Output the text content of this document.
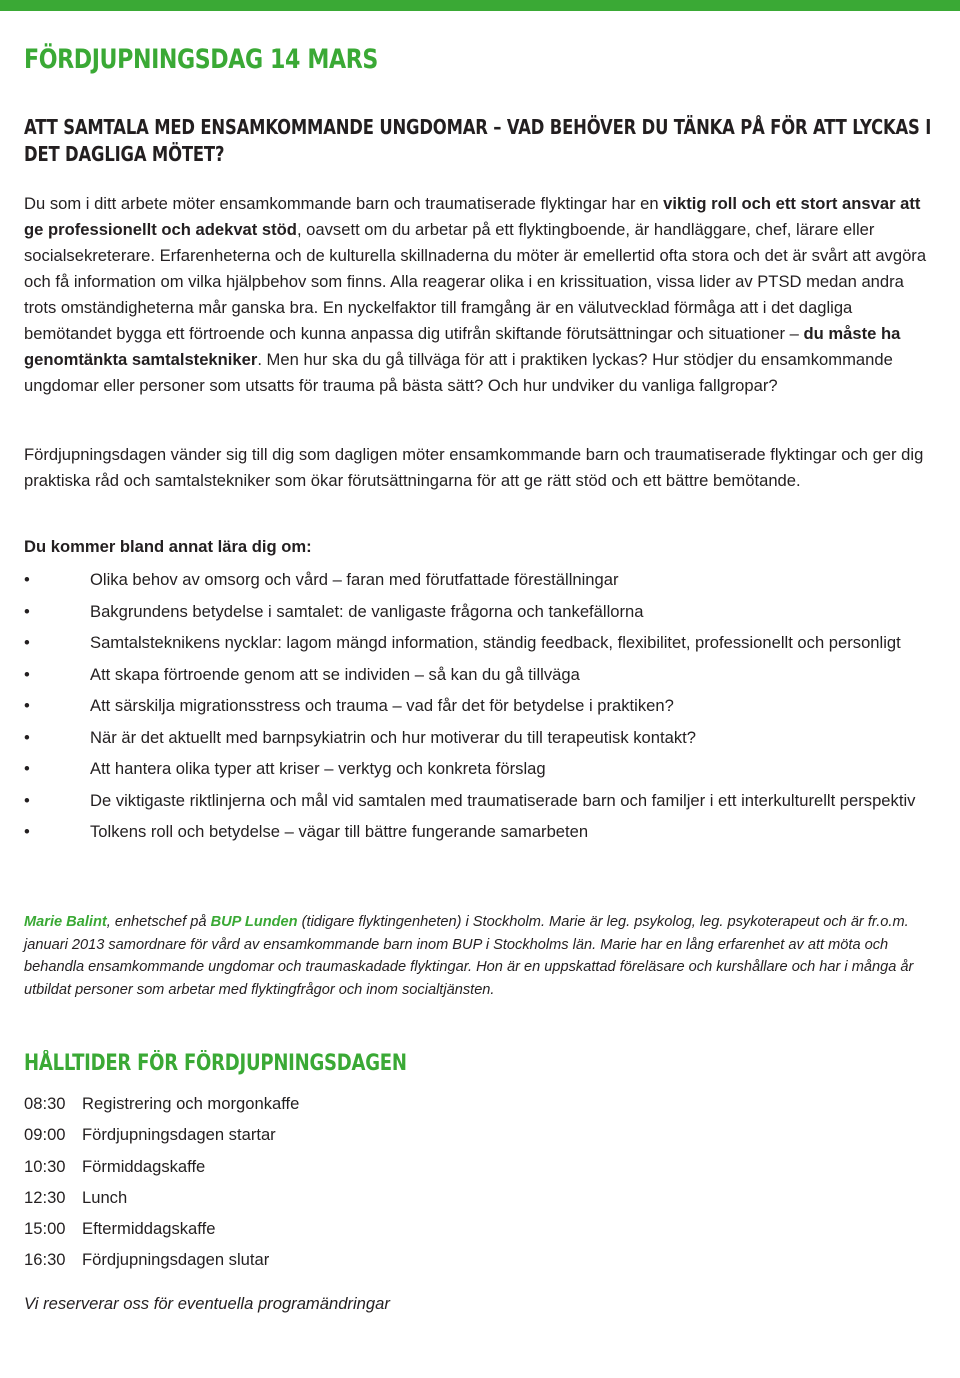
FÖRDJUPNINGSDAG 14 MARS
ATT SAMTALA MED ENSAMKOMMANDE UNGDOMAR – VAD BEHÖVER DU TÄNKA PÅ FÖR ATT LYCKAS I DET DAGLIGA MÖTET?

Du som i ditt arbete möter ensamkommande barn och traumatiserade flyktingar har en viktig roll och ett stort ansvar att ge professionellt och adekvat stöd, oavsett om du arbetar på ett flyktingboende, är handläggare, chef, lärare eller socialsekreterare. Erfarenheterna och de kulturella skillnaderna du möter är emellertid ofta stora och det är svårt att avgöra och få information om vilka hjälpbehov som finns. Alla reagerar olika i en krissituation, vissa lider av PTSD medan andra trots omständigheterna mår ganska bra. En nyckelfaktor till framgång är en välutvecklad förmåga att i det dagliga bemötandet bygga ett förtroende och kunna anpassa dig utifrån skiftande förutsättningar och situationer – du måste ha genomtänkta samtalstekniker. Men hur ska du gå tillväga för att i praktiken lyckas? Hur stödjer du ensamkommande ungdomar eller personer som utsatts för trauma på bästa sätt? Och hur undviker du vanliga fallgropar?

Fördjupningsdagen vänder sig till dig som dagligen möter ensamkommande barn och traumatiserade flyktingar och ger dig praktiska råd och samtalstekniker som ökar förutsättningarna för att ge rätt stöd och ett bättre bemötande.

Du kommer bland annat lära dig om:

•	Olika behov av omsorg och vård – faran med förutfattade föreställningar
•	Bakgrundens betydelse i samtalet: de vanligaste frågorna och tankefällorna
•	Samtalsteknikens nycklar: lagom mängd information, ständig feedback, flexibilitet, professionellt och personligt
•	Att skapa förtroende genom att se individen – så kan du gå tillväga
•	Att särskilja migrationsstress och trauma – vad får det för betydelse i praktiken?
•	När är det aktuellt med barnpsykiatrin och hur motiverar du till terapeutisk kontakt?
•	Att hantera olika typer att kriser – verktyg och konkreta förslag
•	De viktigaste riktlinjerna och mål vid samtalen med traumatiserade barn och familjer i ett interkulturellt perspektiv
•	Tolkens roll och betydelse – vägar till bättre fungerande samarbeten

Marie Balint, enhetschef på BUP Lunden (tidigare flyktingenheten) i Stockholm. Marie är leg. psykolog, leg. psykoterapeut och är fr.o.m. januari 2013 samordnare för vård av ensamkommande barn inom BUP i Stockholms län. Marie har en lång erfarenhet av att möta och behandla ensamkommande ungdomar och traumaskadade flyktingar. Hon är en uppskattad föreläsare och kurshållare och har i många år utbildat personer som arbetar med flyktingfrågor och inom socialtjänsten.

HÅLLTIDER FÖR FÖRDJUPNINGSDAGEN
08:30 Registrering och morgonkaffe
09:00 Fördjupningsdagen startar
10:30 Förmiddagskaffe
12:30 Lunch
15:00 Eftermiddagskaffe
16:30 Fördjupningsdagen slutar

Vi reserverar oss för eventuella programändringar
